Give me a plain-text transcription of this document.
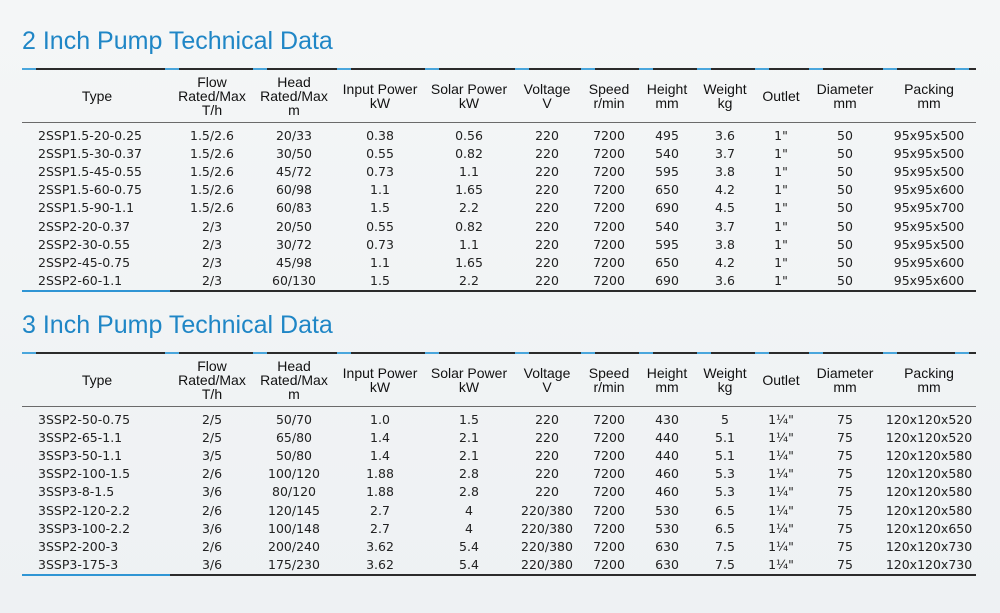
2 Inch Pump Technical Data
Type	Flow
Rated/Max
T/h	Head
Rated/Max
m	Input Power
kW	Solar Power
kW	Voltage
V	Speed
r/min	Height
mm	Weight
kg	Outlet	Diameter
mm	Packing
mm

2SSP1.5-20-0.25	1.5/2.6	20/33	0.38	0.56	220	7200	495	3.6	1"	50	95x95x500
2SSP1.5-30-0.37	1.5/2.6	30/50	0.55	0.82	220	7200	540	3.7	1"	50	95x95x500
2SSP1.5-45-0.55	1.5/2.6	45/72	0.73	1.1	220	7200	595	3.8	1"	50	95x95x500
2SSP1.5-60-0.75	1.5/2.6	60/98	1.1	1.65	220	7200	650	4.2	1"	50	95x95x600
2SSP1.5-90-1.1	1.5/2.6	60/83	1.5	2.2	220	7200	690	4.5	1"	50	95x95x700
2SSP2-20-0.37	2/3	20/50	0.55	0.82	220	7200	540	3.7	1"	50	95x95x500
2SSP2-30-0.55	2/3	30/72	0.73	1.1	220	7200	595	3.8	1"	50	95x95x500
2SSP2-45-0.75	2/3	45/98	1.1	1.65	220	7200	650	4.2	1"	50	95x95x600
2SSP2-60-1.1	2/3	60/130	1.5	2.2	220	7200	690	3.6	1"	50	95x95x600
3 Inch Pump Technical Data
Type	Flow
Rated/Max
T/h	Head
Rated/Max
m	Input Power
kW	Solar Power
kW	Voltage
V	Speed
r/min	Height
mm	Weight
kg	Outlet	Diameter
mm	Packing
mm

3SSP2-50-0.75	2/5	50/70	1.0	1.5	220	7200	430	5	1¼"	75	120x120x520
3SSP2-65-1.1	2/5	65/80	1.4	2.1	220	7200	440	5.1	1¼"	75	120x120x520
3SSP3-50-1.1	3/5	50/80	1.4	2.1	220	7200	440	5.1	1¼"	75	120x120x580
3SSP2-100-1.5	2/6	100/120	1.88	2.8	220	7200	460	5.3	1¼"	75	120x120x580
3SSP3-8-1.5	3/6	80/120	1.88	2.8	220	7200	460	5.3	1¼"	75	120x120x580
3SSP2-120-2.2	2/6	120/145	2.7	4	220/380	7200	530	6.5	1¼"	75	120x120x580
3SSP3-100-2.2	3/6	100/148	2.7	4	220/380	7200	530	6.5	1¼"	75	120x120x650
3SSP2-200-3	2/6	200/240	3.62	5.4	220/380	7200	630	7.5	1¼"	75	120x120x730
3SSP3-175-3	3/6	175/230	3.62	5.4	220/380	7200	630	7.5	1¼"	75	120x120x730
